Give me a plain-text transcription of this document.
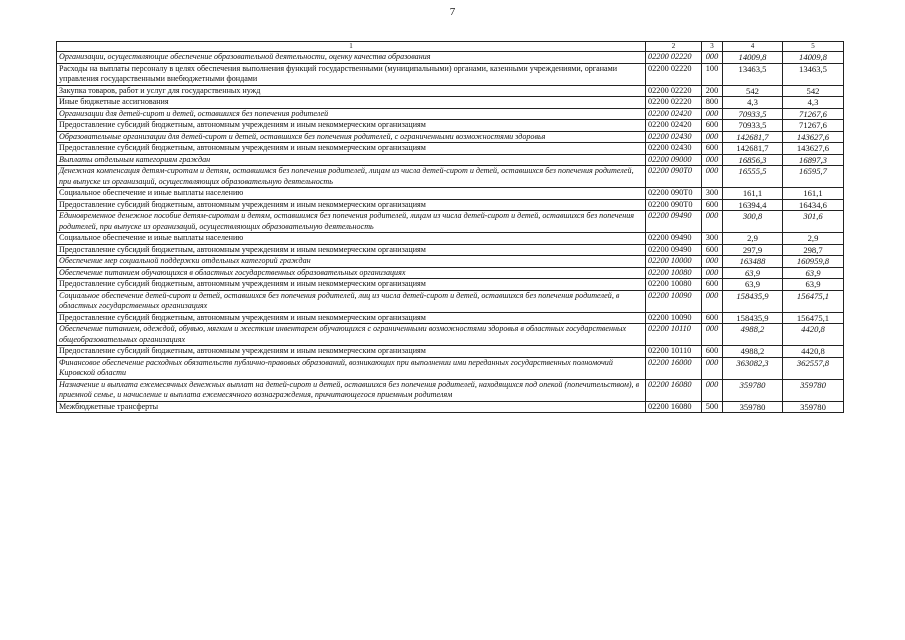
7
1	2	3	4	5
Организации, осуществляющие обеспечение образовательной деятельности, оценку качества образования	02200 02220	000	14009,8	14009,8
Расходы на выплаты персоналу в целях обеспечения выполнения функций государственными (муниципальными) органами, казенными учреждениями, органами управления государственными внебюджетными фондами	02200 02220	100	13463,5	13463,5
Закупка товаров, работ и услуг для государственных нужд	02200 02220	200	542	542
Иные бюджетные ассигнования	02200 02220	800	4,3	4,3
Организации для детей-сирот и детей, оставшихся без попечения родителей	02200 02420	000	70933,5	71267,6
Предоставление субсидий бюджетным, автономным учреждениям и иным некоммерческим организациям	02200 02420	600	70933,5	71267,6
Образовательные организации для детей-сирот и детей, оставшихся без попечения родителей, с ограниченными возможностями здоровья	02200 02430	000	142681,7	143627,6
Предоставление субсидий бюджетным, автономным учреждениям и иным некоммерческим организациям	02200 02430	600	142681,7	143627,6
Выплаты отдельным категориям граждан	02200 09000	000	16856,3	16897,3
Денежная компенсация детям-сиротам и детям, оставшимся без попечения родителей, лицам из числа детей-сирот и детей, оставшихся без попечения родителей, при выпуске из организаций, осуществляющих образовательную деятельность	02200 090Т0	000	16555,5	16595,7
Социальное обеспечение и иные выплаты населению	02200 090Т0	300	161,1	161,1
Предоставление субсидий бюджетным, автономным учреждениям и иным некоммерческим организациям	02200 090Т0	600	16394,4	16434,6
Единовременное денежное пособие детям-сиротам и детям, оставшимся без попечения родителей, лицам из числа детей-сирот и детей, оставшихся без попечения родителей, при выпуске из организаций, осуществляющих образовательную деятельность	02200 09490	000	300,8	301,6
Социальное обеспечение и иные выплаты населению	02200 09490	300	2,9	2,9
Предоставление субсидий бюджетным, автономным учреждениям и иным некоммерческим организациям	02200 09490	600	297,9	298,7
Обеспечение мер социальной поддержки отдельных категорий граждан	02200 10000	000	163488	160959,8
Обеспечение питанием обучающихся в областных государственных образовательных организациях	02200 10080	000	63,9	63,9
Предоставление субсидий бюджетным, автономным учреждениям и иным некоммерческим организациям	02200 10080	600	63,9	63,9
Социальное обеспечение детей-сирот и детей, оставшихся без попечения родителей, лиц из числа детей-сирот и детей, оставшихся без попечения родителей, в областных государственных организациях	02200 10090	000	158435,9	156475,1
Предоставление субсидий бюджетным, автономным учреждениям и иным некоммерческим организациям	02200 10090	600	158435,9	156475,1
Обеспечение питанием, одеждой, обувью, мягким и жестким инвентарем обучающихся с ограниченными возможностями здоровья в областных государственных общеобразовательных организациях	02200 10110	000	4988,2	4420,8
Предоставление субсидий бюджетным, автономным учреждениям и иным некоммерческим организациям	02200 10110	600	4988,2	4420,8
Финансовое обеспечение расходных обязательств публично-правовых образований, возникающих при выполнении ими переданных государственных полномочий Кировской области	02200 16000	000	363082,3	362557,8
Назначение и выплата ежемесячных денежных выплат на детей-сирот и детей, оставшихся без попечения родителей, находящихся под опекой (попечительством), в приемной семье, и начисление и выплата ежемесячного вознаграждения, причитающегося приемным родителям	02200 16080	000	359780	359780
Межбюджетные трансферты	02200 16080	500	359780	359780
